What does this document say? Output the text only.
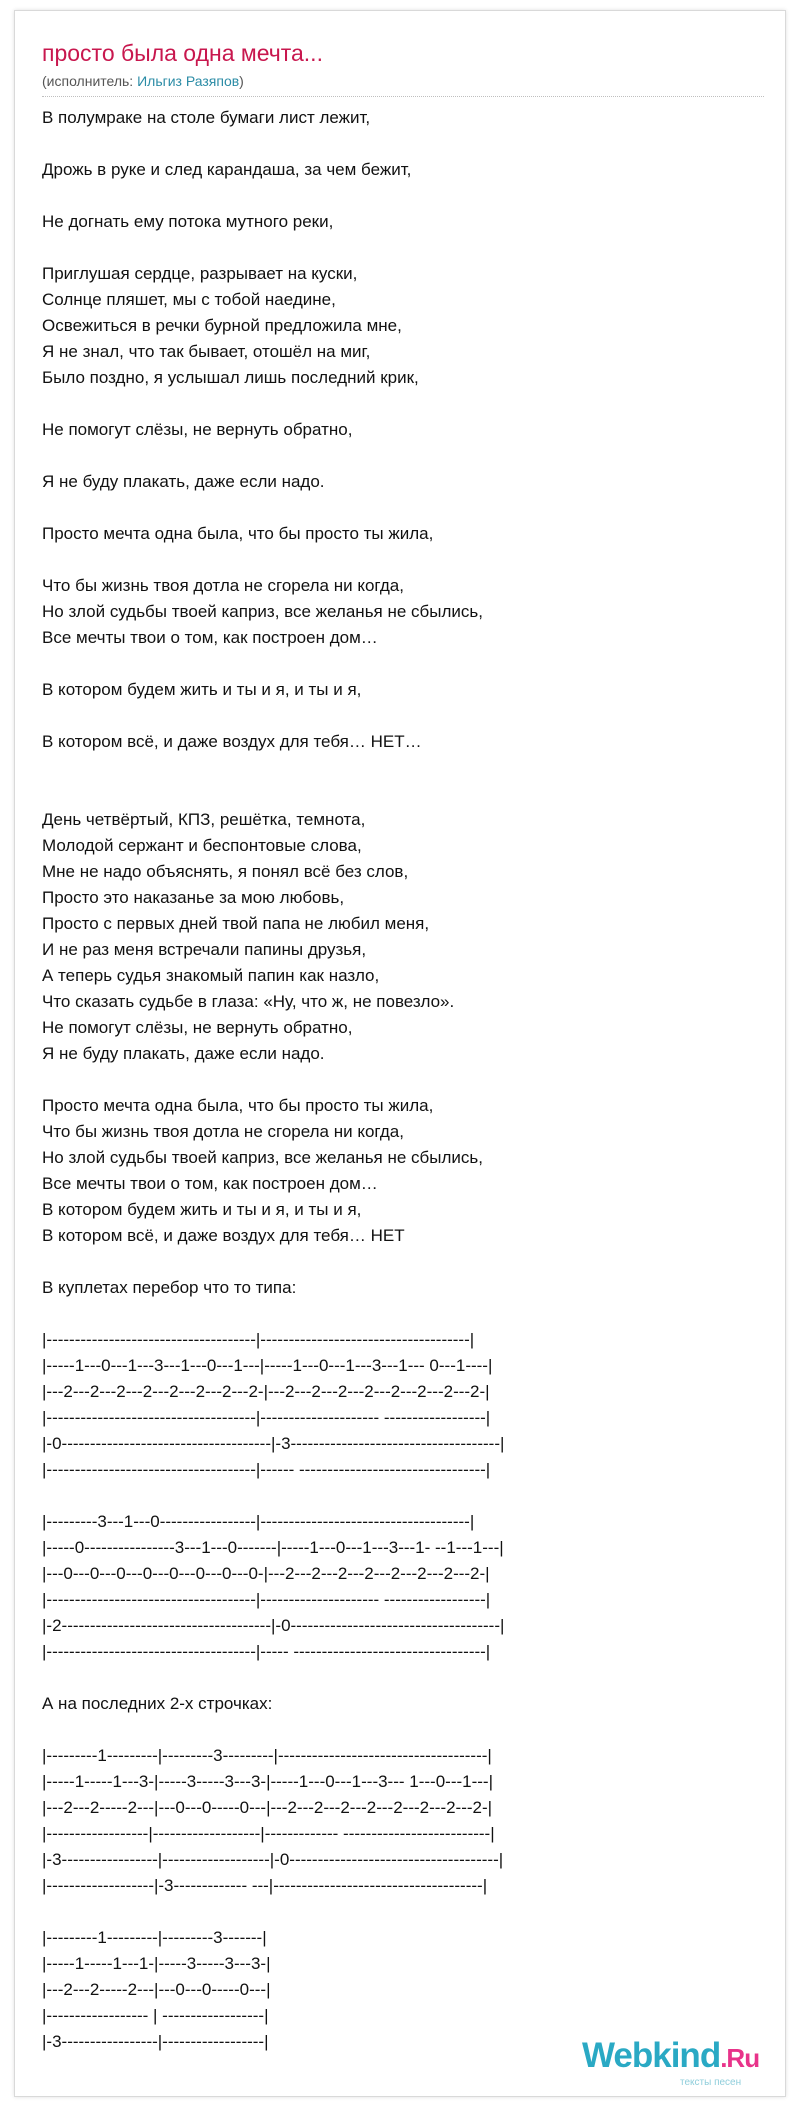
просто была одна мечта...
(исполнитель: Ильгиз Разяпов)
В полумраке на столе бумаги лист лежит,
Дрожь в руке и след карандаша, за чем бежит,
Не догнать ему потока мутного реки,
Приглушая сердце, разрывает на куски,
Солнце пляшет, мы с тобой наедине,
Освежиться в речки бурной предложила мне,
Я не знал, что так бывает, отошёл на миг,
Было поздно, я услышал лишь последний крик,
Не помогут слёзы, не вернуть обратно,
Я не буду плакать, даже если надо.
Просто мечта одна была, что бы просто ты жила,
Что бы жизнь твоя дотла не сгорела ни когда,
Но злой судьбы твоей каприз, все желанья не сбылись,
Все мечты твои о том, как построен дом…
В котором будем жить и ты и я, и ты и я,
В котором всё, и даже воздух для тебя… НЕТ…
День четвёртый, КПЗ, решётка, темнота,
Молодой сержант и беспонтовые слова,
Мне не надо объяснять, я понял всё без слов,
Просто это наказанье за мою любовь,
Просто с первых дней твой папа не любил меня,
И не раз меня встречали папины друзья,
А теперь судья знакомый папин как назло,
Что сказать судьбе в глаза: «Ну, что ж, не повезло».
Не помогут слёзы, не вернуть обратно,
Я не буду плакать, даже если надо.
Просто мечта одна была, что бы просто ты жила,
Что бы жизнь твоя дотла не сгорела ни когда,
Но злой судьбы твоей каприз, все желанья не сбылись,
Все мечты твои о том, как построен дом…
В котором будем жить и ты и я, и ты и я,
В котором всё, и даже воздух для тебя… НЕТ
В куплетах перебор что то типа:
|-------------------------------------|-------------------------------------|
|-----1---0---1---3---1---0---1---|-----1---0---1---3---1--- 0---1----|
|---2---2---2---2---2---2---2---2-|---2---2---2---2---2---2---2---2-|
|-------------------------------------|--------------------- ------------------|
|-0-------------------------------------|-3-------------------------------------|
|-------------------------------------|------ ---------------------------------|
|---------3---1---0-----------------|-------------------------------------|
|-----0----------------3---1---0-------|-----1---0---1---3---1- --1---1---|
|---0---0---0---0---0---0---0---0-|---2---2---2---2---2---2---2---2-|
|-------------------------------------|--------------------- ------------------|
|-2-------------------------------------|-0-------------------------------------|
|-------------------------------------|----- ----------------------------------|
А на последних 2-х строчках:
|---------1---------|---------3---------|-------------------------------------|
|-----1-----1---3-|-----3-----3---3-|-----1---0---1---3--- 1---0---1---|
|---2---2-----2---|---0---0-----0---|---2---2---2---2---2---2---2---2-|
|------------------|-------------------|------------- --------------------------|
|-3-----------------|-------------------|-0-------------------------------------|
|-------------------|-3------------- ---|-------------------------------------|
|---------1---------|---------3-------|
|-----1-----1---1-|-----3-----3---3-|
|---2---2-----2---|---0---0-----0---|
|------------------ | ------------------|
|-3-----------------|------------------|	Webkind.Ru
тексты песен
